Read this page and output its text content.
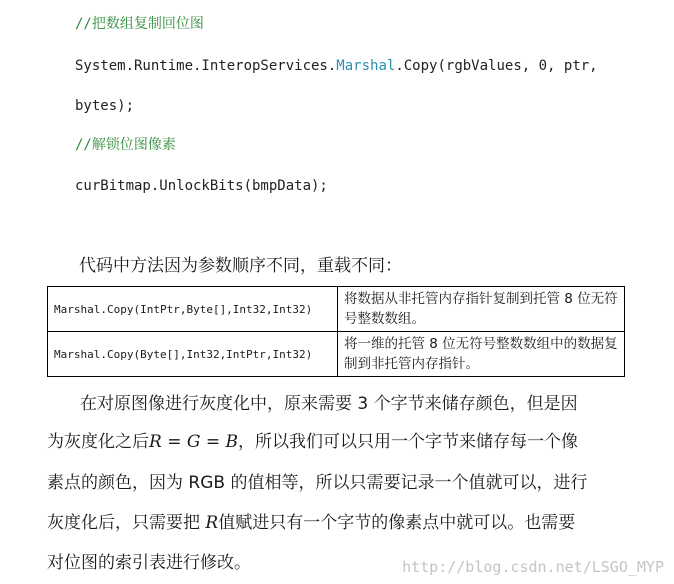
//把数组复制回位图
System.Runtime.InteropServices.Marshal.Copy(rgbValues, 0, ptr,
bytes);
//解锁位图像素
curBitmap.UnlockBits(bmpData);
代码中方法因为参数顺序不同，重载不同：
Marshal.Copy(IntPtr,Byte[],Int32,Int32)	将数据从非托管内存指针复制到托管 8 位无符号整数数组。
Marshal.Copy(Byte[],Int32,IntPtr,Int32)	将一维的托管 8 位无符号整数数组中的数据复制到非托管内存指针。
在对原图像进行灰度化中，原来需要 3 个字节来储存颜色，但是因
为灰度化之后R = G = B，所以我们可以只用一个字节来储存每一个像
素点的颜色，因为 RGB 的值相等，所以只需要记录一个值就可以，进行
灰度化后，只需要把 R值赋进只有一个字节的像素点中就可以。也需要
对位图的索引表进行修改。	http://blog.csdn.net/LSGO_MYP
